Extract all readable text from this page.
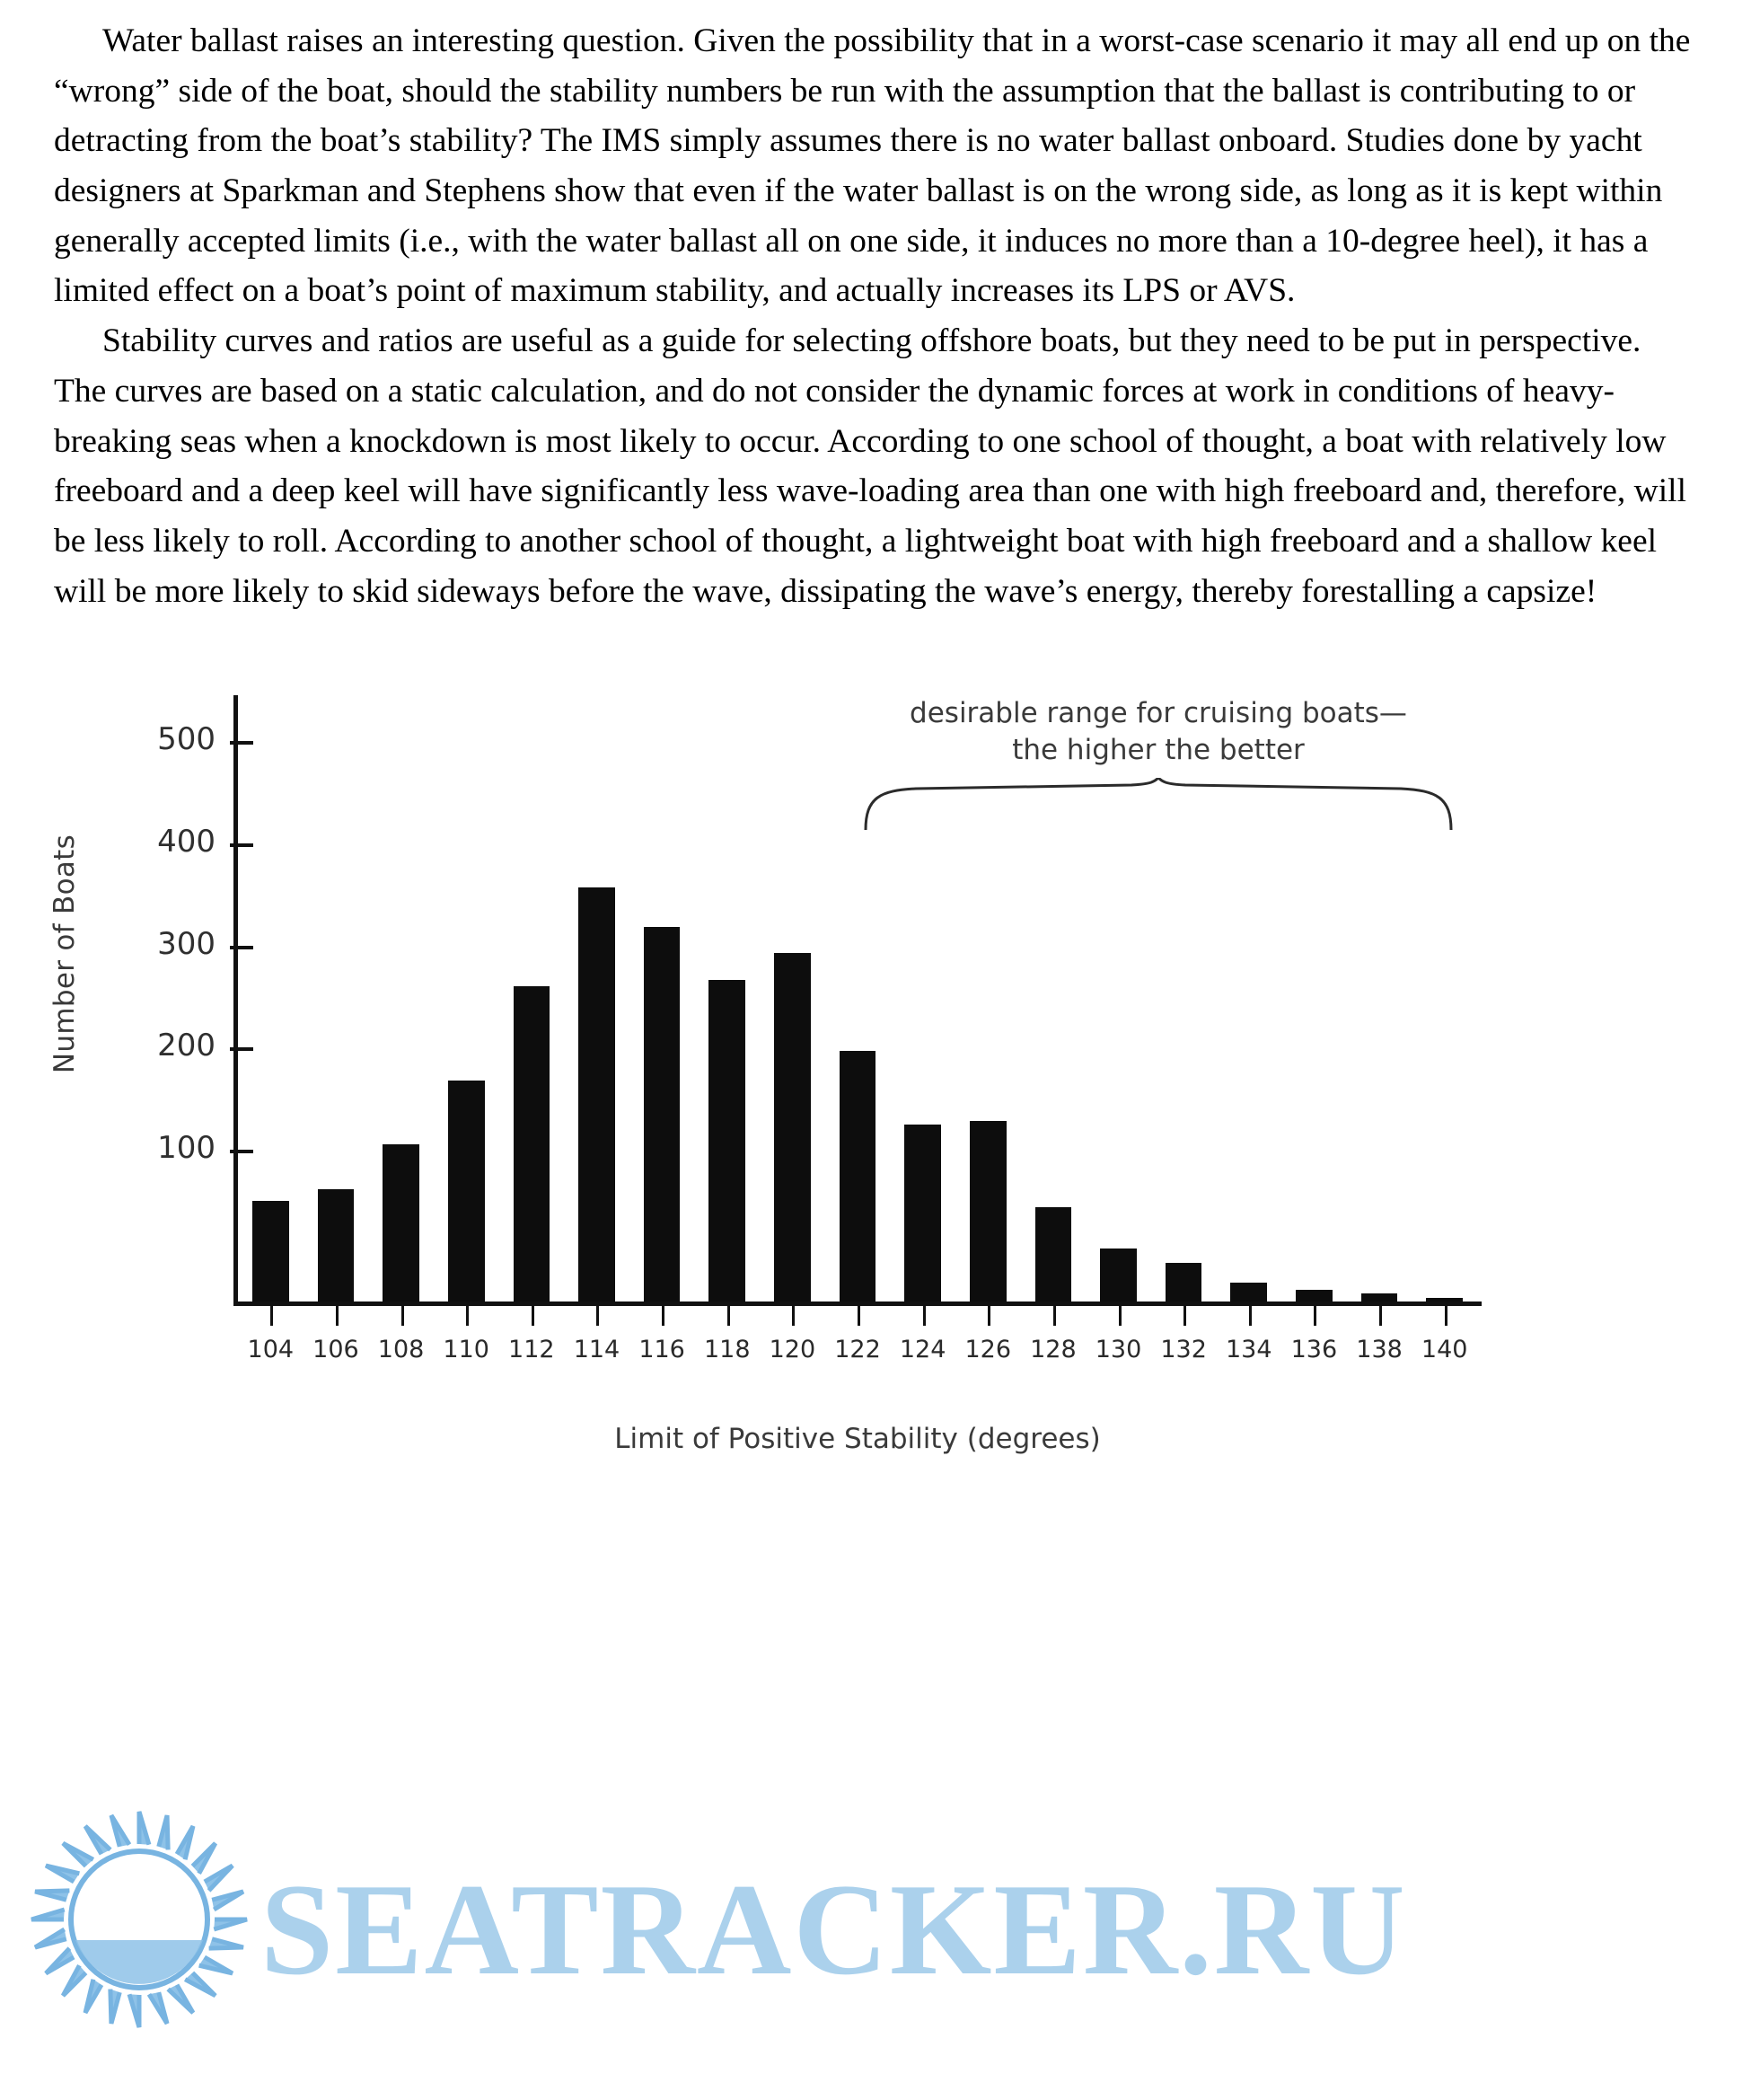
Water ballast raises an interesting question. Given the possibility that in a worst-case scenario it may all end up on the “wrong” side of the boat, should the stability numbers be run with the assumption that the ballast is contributing to or detracting from the boat’s stability? The IMS simply assumes there is no water ballast onboard. Studies done by yacht designers at Sparkman and Stephens show that even if the water ballast is on the wrong side, as long as it is kept within generally accepted limits (i.e., with the water ballast all on one side, it induces no more than a 10-degree heel), it has a limited effect on a boat’s point of maximum stability, and actually increases its LPS or AVS.

Stability curves and ratios are useful as a guide for selecting offshore boats, but they need to be put in perspective. The curves are based on a static calculation, and do not consider the dynamic forces at work in conditions of heavy-breaking seas when a knockdown is most likely to occur. According to one school of thought, a boat with relatively low freeboard and a deep keel will have significantly less wave-loading area than one with high freeboard and, therefore, will be less likely to roll. According to another school of thought, a lightweight boat with high freeboard and a shallow keel will be more likely to skid sideways before the wave, dissipating the wave’s energy, thereby forestalling a capsize!

Number of Boats
Limit of Positive Stability (degrees)
desirable range for cruising boats—
the higher the better
100
200
300
400
500
104 106 108 110 112 114 116 118 120 122 124 126 128 130 132 134 136 138 140
SEATRACKER.RU
